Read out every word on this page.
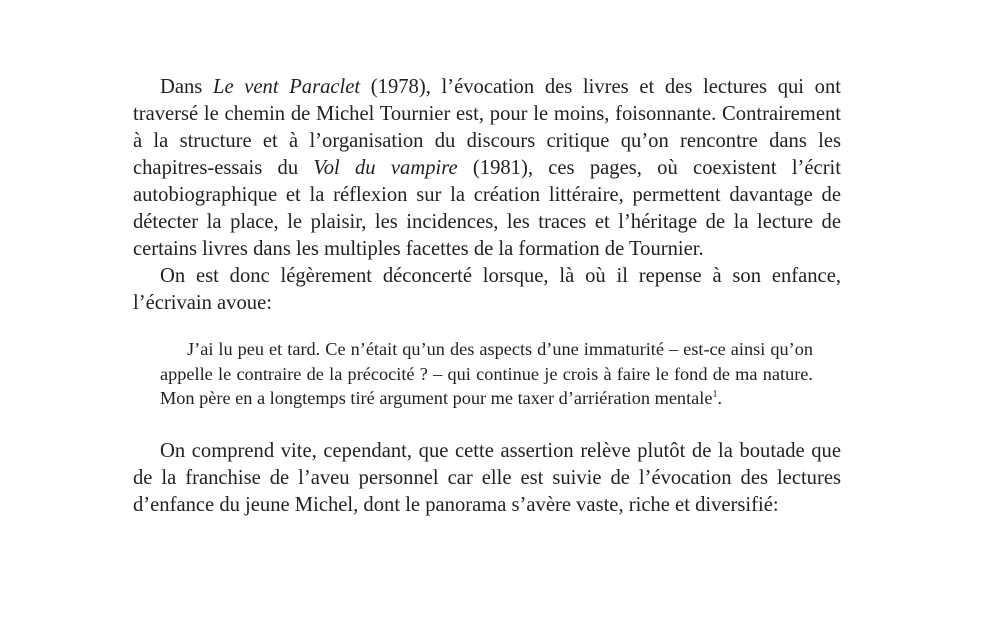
Dans Le vent Paraclet (1978), l’évocation des livres et des lectures qui ont traversé le chemin de Michel Tournier est, pour le moins, foisonnante. Contrairement à la structure et à l’organisation du discours critique qu’on rencontre dans les chapitres-essais du Vol du vampire (1981), ces pages, où coexistent l’écrit autobiographique et la réflexion sur la création littéraire, permettent davantage de détecter la place, le plaisir, les incidences, les traces et l’héritage de la lecture de certains livres dans les multiples facettes de la formation de Tournier.

On est donc légèrement déconcerté lorsque, là où il repense à son enfance, l’écrivain avoue:

J’ai lu peu et tard. Ce n’était qu’un des aspects d’une immaturité – est-ce ainsi qu’on appelle le contraire de la précocité ? – qui continue je crois à faire le fond de ma nature. Mon père en a longtemps tiré argument pour me taxer d’arriération mentale$^1$.

On comprend vite, cependant, que cette assertion relève plutôt de la boutade que de la franchise de l’aveu personnel car elle est suivie de l’évocation des lectures d’enfance du jeune Michel, dont le panorama s’avère vaste, riche et diversifié:
